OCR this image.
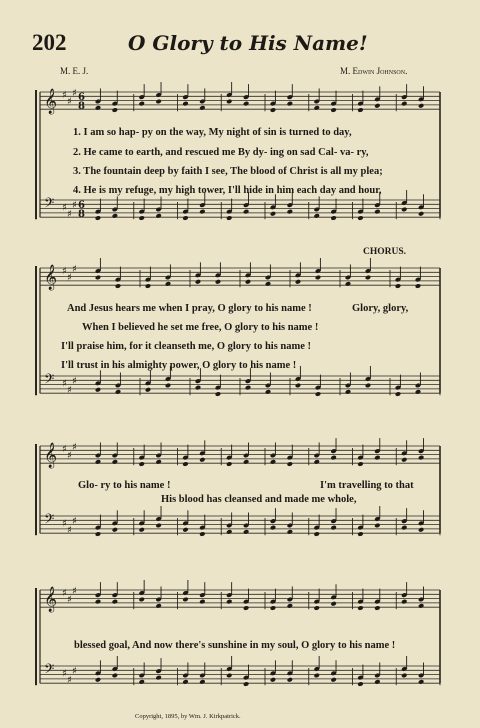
202	O Glory to His Name!
M. E. J.	M. Edwin Johnson.
𝄞
𝄢
♯
♯
♯
♯
♯
♯
6
8
6
8
𝄞
𝄢
♯
♯
♯
♯
♯
♯
𝄞
𝄢
♯
♯
♯
♯
♯
♯
𝄞
𝄢
♯
♯
♯
♯
♯
♯
1. I am so hap- py on the way, My night of sin is turned to day,
2. He came to earth, and rescued me By dy- ing on sad Cal- va- ry,
3. The fountain deep by faith I see, The blood of Christ is all my plea;
4. He is my refuge, my high tower, I'll hide in him each day and hour,
CHORUS.
And Jesus hears me when I pray, O glory to his name !	Glory, glory,
When I believed he set me free, O glory to his name !
I'll praise him, for it cleanseth me, O glory to his name !
I'll trust in his almighty power, O glory to his name !
Glo- ry to his name !	I'm travelling to that
His blood has cleansed and made me whole,
blessed goal, And now there's sunshine in my soul, O glory to his name !
Copyright, 1895, by Wm. J. Kirkpatrick.
